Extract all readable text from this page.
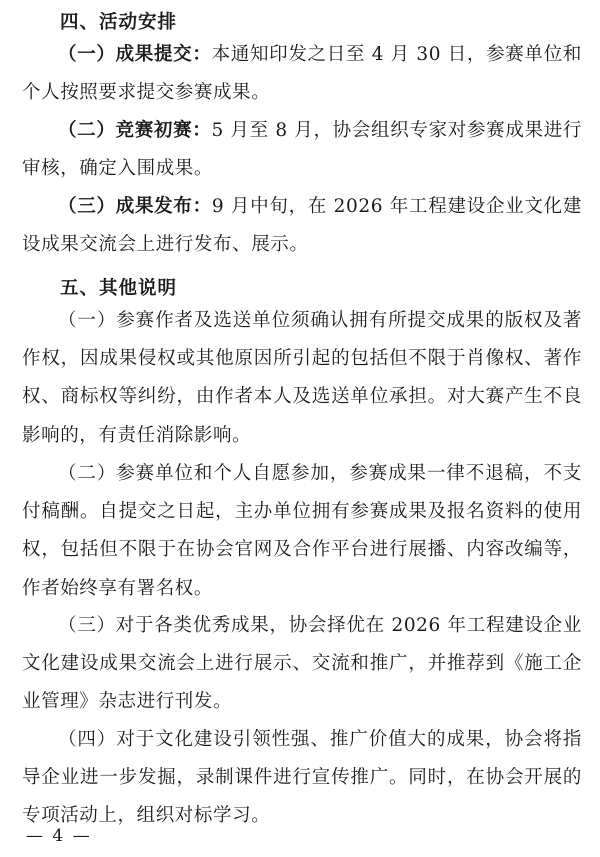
四、活动安排

（一）成果提交：本通知印发之日至 4 月 30 日，参赛单位和个人按照要求提交参赛成果。

（二）竞赛初赛：5 月至 8 月，协会组织专家对参赛成果进行审核，确定入围成果。

（三）成果发布：9 月中旬，在 2026 年工程建设企业文化建设成果交流会上进行发布、展示。

五、其他说明

（一）参赛作者及选送单位须确认拥有所提交成果的版权及著作权，因成果侵权或其他原因所引起的包括但不限于肖像权、著作权、商标权等纠纷，由作者本人及选送单位承担。对大赛产生不良影响的，有责任消除影响。

（二）参赛单位和个人自愿参加，参赛成果一律不退稿，不支付稿酬。自提交之日起，主办单位拥有参赛成果及报名资料的使用权，包括但不限于在协会官网及合作平台进行展播、内容改编等，作者始终享有署名权。

（三）对于各类优秀成果，协会择优在 2026 年工程建设企业文化建设成果交流会上进行展示、交流和推广，并推荐到《施工企业管理》杂志进行刊发。

（四）对于文化建设引领性强、推广价值大的成果，协会将指导企业进一步发掘，录制课件进行宣传推广。同时，在协会开展的专项活动上，组织对标学习。

— 4 —
